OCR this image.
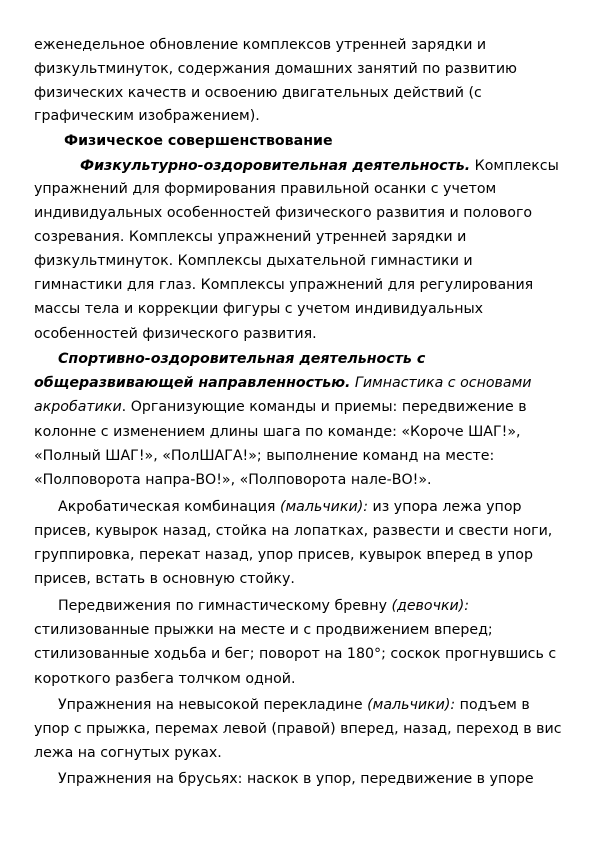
еженедельное обновление комплексов утренней зарядки и
физкультминуток, содержания домашних занятий по развитию
физических качеств и освоению двигательных действий (с
графическим изображением).
Физическое совершенствование
Физкультурно-оздоровительная деятельность. Комплексы
упражнений для формирования правильной осанки с учетом
индивидуальных особенностей физического развития и полового
созревания. Комплексы упражнений утренней зарядки и
физкультминуток. Комплексы дыхательной гимнастики и
гимнастики для глаз. Комплексы упражнений для регулирования
массы тела и коррекции фигуры с учетом индивидуальных
особенностей физического развития.
Спортивно-оздоровительная деятельность с
общеразвивающей направленностью. Гимнастика с основами
акробатики. Организующие команды и приемы: передвижение в
колонне с изменением длины шага по команде: «Короче ШАГ!»,
«Полный ШАГ!», «ПолШАГА!»; выполнение команд на месте:
«Полповорота напра-ВО!», «Полповорота нале-ВО!».
Акробатическая комбинация (мальчики): из упора лежа упор
присев, кувырок назад, стойка на лопатках, развести и свести ноги,
группировка, перекат назад, упор присев, кувырок вперед в упор
присев, встать в основную стойку.
Передвижения по гимнастическому бревну (девочки):
стилизованные прыжки на месте и с продвижением вперед;
стилизованные ходьба и бег; поворот на 180°; соскок прогнувшись с
короткого разбега толчком одной.
Упражнения на невысокой перекладине (мальчики): подъем в
упор с прыжка, перемах левой (правой) вперед, назад, переход в вис
лежа на согнутых руках.
Упражнения на брусьях: наскок в упор, передвижение в упоре
